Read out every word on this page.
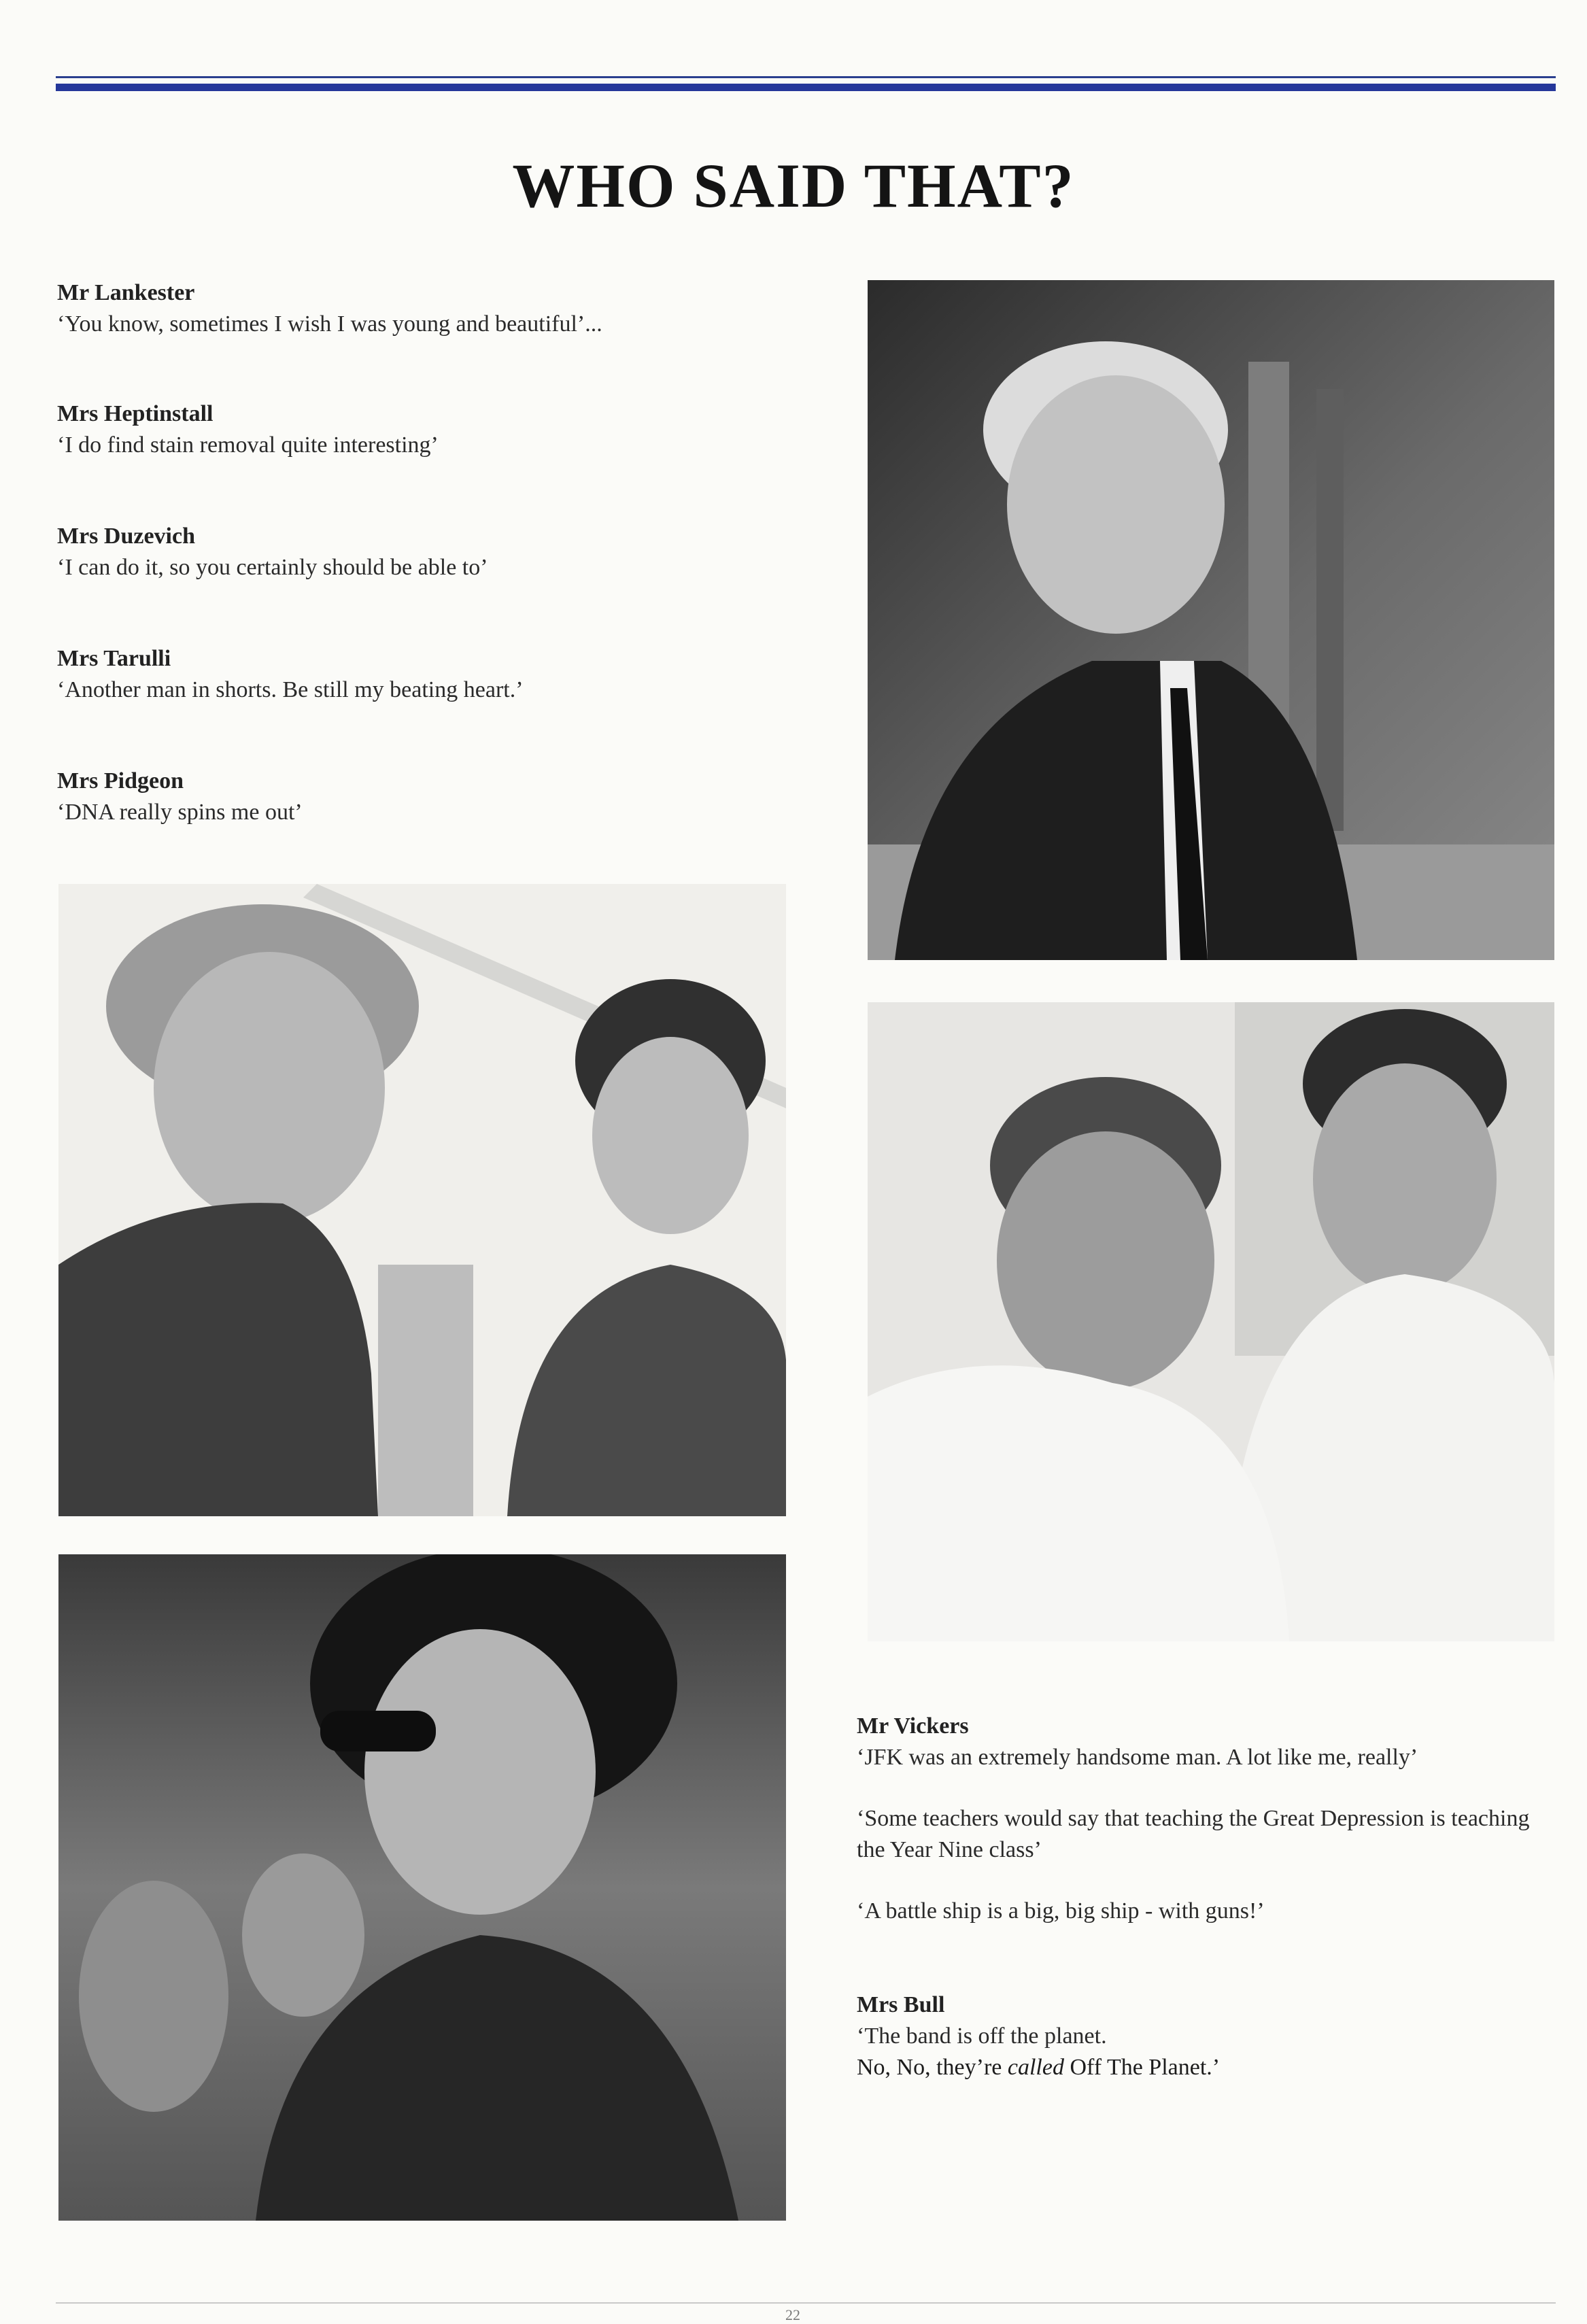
WHO SAID THAT?
Mr Lankester
‘You know, sometimes I wish I was young and beautiful’...
Mrs Heptinstall
‘I do find stain removal quite interesting’
Mrs Duzevich
‘I can do it, so you certainly should be able to’
Mrs Tarulli
‘Another man in shorts. Be still my beating heart.’
Mrs Pidgeon
‘DNA really spins me out’
Mr Vickers
‘JFK was an extremely handsome man. A lot like me, really’
‘Some teachers would say that teaching the Great Depression is teaching the Year Nine class’
‘A battle ship is a big, big ship - with guns!’
Mrs Bull
‘The band is off the planet.
No, No, they’re called Off The Planet.’
22
